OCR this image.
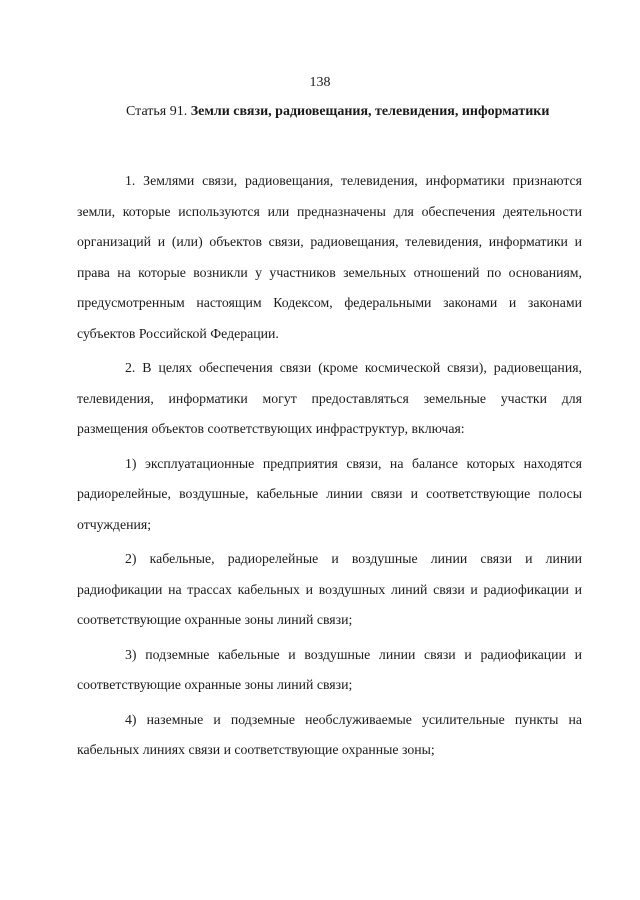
138
Статья 91. Земли связи, радиовещания, телевидения, информатики

1. Землями связи, радиовещания, телевидения, информатики признаются земли, которые используются или предназначены для обеспечения деятельности организаций и (или) объектов связи, радиовещания, телевидения, информатики и права на которые возникли у участников земельных отношений по основаниям, предусмотренным настоящим Кодексом, федеральными законами и законами субъектов Российской Федерации.

2. В целях обеспечения связи (кроме космической связи), радиовещания, телевидения, информатики могут предоставляться земельные участки для размещения объектов соответствующих инфраструктур, включая:

1) эксплуатационные предприятия связи, на балансе которых находятся радиорелейные, воздушные, кабельные линии связи и соответствующие полосы отчуждения;

2) кабельные, радиорелейные и воздушные линии связи и линии радиофикации на трассах кабельных и воздушных линий связи и радиофикации и соответствующие охранные зоны линий связи;

3) подземные кабельные и воздушные линии связи и радиофикации и соответствующие охранные зоны линий связи;

4) наземные и подземные необслуживаемые усилительные пункты на кабельных линиях связи и соответствующие охранные зоны;
